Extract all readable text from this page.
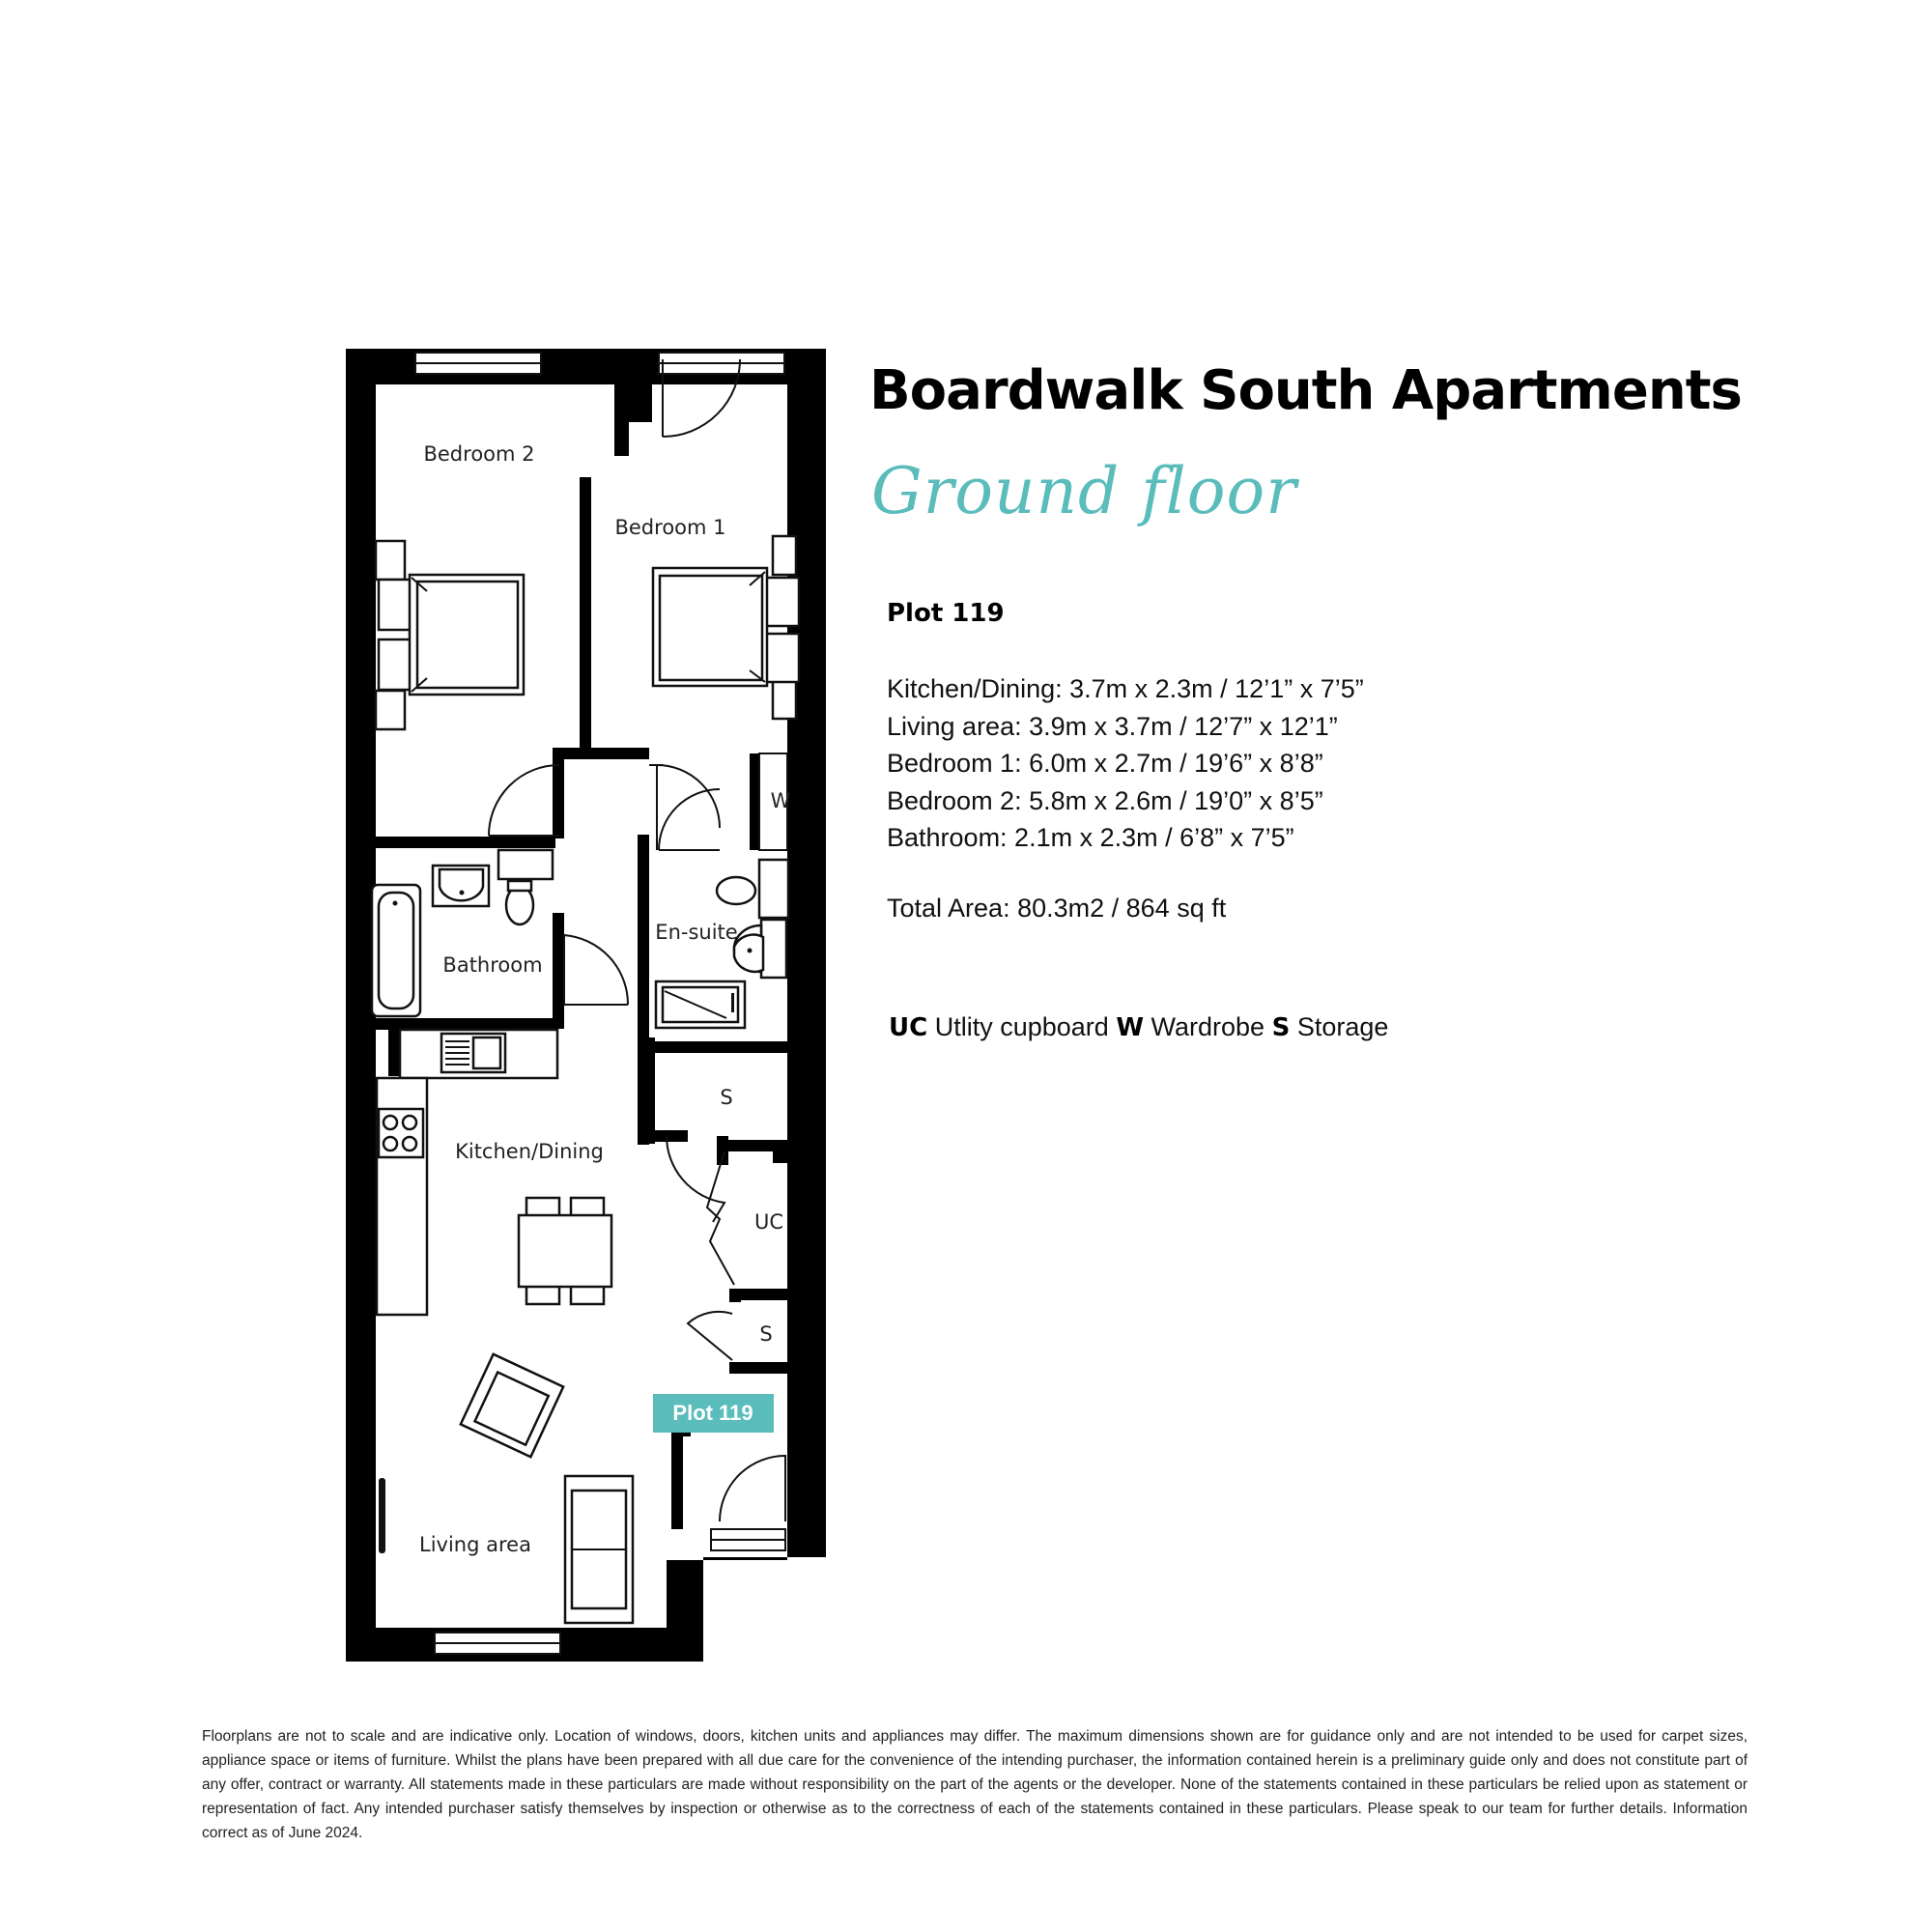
Plot 119
Bedroom 2
Bedroom 1
W
En-suite
Bathroom
S
Kitchen/Dining
UC
S
Living area
Boardwalk South Apartments
Ground floor
Plot 119
Kitchen/Dining: 3.7m x 2.3m / 12’1” x 7’5”
Living area: 3.9m x 3.7m / 12’7” x 12’1”
Bedroom 1: 6.0m x 2.7m / 19’6” x 8’8”
Bedroom 2: 5.8m x 2.6m / 19’0” x 8’5”
Bathroom: 2.1m x 2.3m / 6’8” x 7’5”
Total Area: 80.3m2 / 864 sq ft
UC Utlity cupboard W Wardrobe S Storage
Floorplans are not to scale and are indicative only. Location of windows, doors, kitchen units and appliances may differ. The maximum dimensions shown are for guidance only and are not intended to be used for carpet sizes, appliance space or items of furniture. Whilst the plans have been prepared with all due care for the convenience of the intending purchaser, the information contained herein is a preliminary guide only and does not constitute part of any offer, contract or warranty. All statements made in these particulars are made without responsibility on the part of the agents or the developer. None of the statements contained in these particulars be relied upon as statement or representation of fact. Any intended purchaser satisfy themselves by inspection or otherwise as to the correctness of each of the statements contained in these particulars. Please speak to our team for further details. Information correct as of June 2024.
